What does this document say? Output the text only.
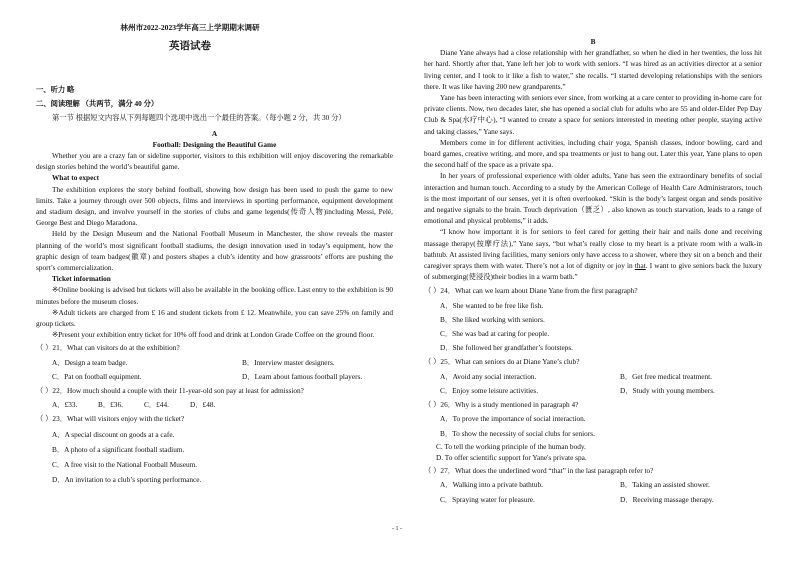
林州市2022-2023学年高三上学期期末调研
英语试卷

一、听力 略

二、阅读理解 （共两节，满分 40 分）

第一节 根据短文内容从下列每题四个选项中选出一个最佳的答案。（每小题 2 分，共 30 分）

A

Football: Designing the Beautiful Game

Whether you are a crazy fan or sideline supporter, visitors to this exhibition will enjoy discovering the remarkable design stories behind the world’s beautiful game.

What to expect

The exhibition explores the story behind football, showing how design has been used to push the game to new limits. Take a journey through over 500 objects, films and interviews in sporting performance, equipment development and stadium design, and involve yourself in the stories of clubs and game legends(传奇人物)including Messi, Pelé, George Best and Diego Maradona.

Held by the Design Museum and the National Football Museum in Manchester, the show reveals the master planning of the world’s most significant football stadiums, the design innovation used in today’s equipment, how the graphic design of team badges(徽章) and posters shapes a club’s identity and how grassroots’ efforts are pushing the sport’s commercialization.

Ticket information

※Online booking is advised but tickets will also be available in the booking office. Last entry to the exhibition is 90 minutes before the museum closes.

※Adult tickets are charged from £ 16 and student tickets from £ 12. Meanwhile, you can save 25% on family and group tickets.

※Present your exhibition entry ticket for 10% off food and drink at London Grade Coffee on the ground floor.

（ ）21．What can visitors do at the exhibition?

A．Design a team badge.	B．Interview master designers.
C．Pat on football equipment.	D．Learn about famous football players.

（ ）22．How much should a couple with their 11-year-old son pay at least for admission?

A．£33.	B．£36.	C．£44.	D．£48.

（ ）23．What will visitors enjoy with the ticket?

A．A special discount on goods at a cafe.

B．A photo of a significant football stadium.

C．A free visit to the National Football Museum.

D．An invitation to a club’s sporting performance.

B

Diane Yane always had a close relationship with her grandfather, so when he died in her twenties, the loss hit her hard. Shortly after that, Yane left her job to work with seniors. “I was hired as an activities director at a senior living center, and I took to it like a fish to water,” she recalls. “I started developing relationships with the seniors there. It was like having 200 new grandparents.”

Yane has been interacting with seniors ever since, from working at a care center to providing in-home care for private clients. Now, two decades later, she has opened a social club for adults who are 55 and older-Elder Pep Day Club & Spa(水疗中心), “I wanted to create a space for seniors interested in meeting other people, staying active and taking classes,” Yane says.

Members come in for different activities, including chair yoga, Spanish classes, indoor bowling, card and board games, creative writing, and more, and spa treatments or just to hang out. Later this year, Yane plans to open the second half of the space as a private spa.

In her years of professional experience with older adults, Yane has seen the extraordinary benefits of social interaction and human touch. According to a study by the American College of Health Care Administrators, touch is the most important of our senses, yet it is often overlooked. “Skin is the body’s largest organ and sends positive and negative signals to the brain. Touch deprivation（匮乏）, also known as touch starvation, leads to a range of emotional and physical problems,” it adds.

“I know how important it is for seniors to feel cared for getting their hair and nails done and receiving massage therapy(按摩疗法),” Yane says, “but what’s really close to my heart is a private room with a walk-in bathtub. At assisted living facilities, many seniors only have access to a shower, where they sit on a bench and their caregiver sprays them with water. There’s not a lot of dignity or joy in that. I want to give seniors back the luxury of submerging(使浸没)their bodies in a warm bath.”

（ ）24．What can we learn about Diane Yane from the first paragraph?

A．She wanted to be free like fish.

B．She liked working with seniors.

C．She was bad at caring for people.

D．She followed her grandfather’s footsteps.

（ ）25．What can seniors do at Diane Yane’s club?

A．Avoid any social interaction.	B．Get free medical treatment.
C．Enjoy some leisure activities.	D．Study with young members.

（ ）26．Why is a study mentioned in paragraph 4?

A．To prove the importance of social interaction.

B．To show the necessity of social clubs for seniors.

C. To tell the working principle of the human body.

D. To offer scientific support for Yane's private spa.

（ ）27．What does the underlined word “that” in the last paragraph refer to?

A．Walking into a private bathtub.	B．Taking an assisted shower.
C．Spraying water for pleasure.	D．Receiving massage therapy.
- 1 -
